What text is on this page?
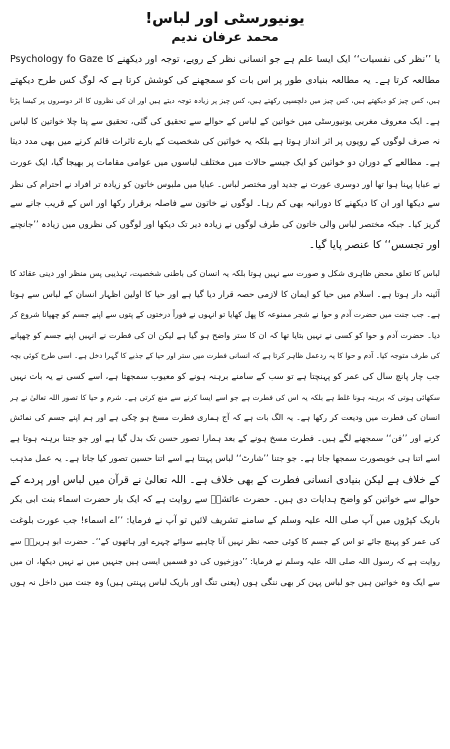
یونیورسٹی اور لباس!
محمد عرفان ندیم
Psychology fo Gaze یا ’’نظر کی نفسیات‘‘ ایک ایسا علم ہے جو انسانی نظر کے رویے، توجہ اور دیکھنے کا
مطالعہ کرتا ہے۔ یہ مطالعہ بنیادی طور پر اس بات کو سمجھنے کی کوشش کرتا ہے کہ لوگ کس طرح دیکھتے
ہیں، کس چیز کو دیکھتے ہیں، کس چیز میں دلچسپی رکھتے ہیں، کس چیز پر زیادہ توجہ دیتے ہیں اور ان کی نظروں کا اثر دوسروں پر کیسا پڑتا
ہے۔ ایک معروف مغربی یونیورسٹی میں خواتین کے لباس کے حوالے سے تحقیق کی گئی، تحقیق سے پتا چلا خواتین کا لباس
نہ صرف لوگوں کے رویوں پر اثر انداز ہوتا ہے بلکہ یہ خواتین کی شخصیت کے بارے تاثرات قائم کرنے میں بھی مدد دیتا
ہے۔ مطالعے کے دوران دو خواتین کو ایک جیسے حالات میں مختلف لباسوں میں عوامی مقامات پر بھیجا گیا، ایک عورت
نے عبایا پہنا ہوا تھا اور دوسری عورت نے جدید اور مختصر لباس۔ عبایا میں ملبوس خاتون کو زیادہ تر افراد نے احترام کی نظر
سے دیکھا اور ان کا دیکھنے کا دورانیہ بھی کم رہا۔ لوگوں نے خاتون سے فاصلہ برقرار رکھا اور اس کے قریب جانے سے
گریز کیا۔ جبکہ مختصر لباس والی خاتون کی طرف لوگوں نے زیادہ دیر تک دیکھا اور لوگوں کی نظروں میں زیادہ ’’جانچنے
اور تجسس‘‘ کا عنصر پایا گیا۔
لباس کا تعلق محض ظاہری شکل و صورت سے نہیں ہوتا بلکہ یہ انسان کی باطنی شخصیت، تہذیبی پس منظر اور دینی عقائد کا
آئینہ دار ہوتا ہے۔ اسلام میں حیا کو ایمان کا لازمی حصہ قرار دیا گیا ہے اور حیا کا اولین اظہار انسان کے لباس سے ہوتا
ہے۔ جب جنت میں حضرت آدم و حوا نے شجر ممنوعہ کا پھل کھایا تو انہوں نے فوراً درختوں کے پتوں سے اپنے جسم کو چھپانا شروع کر
دیا۔ حضرت آدم و حوا کو کسی نے نہیں بتایا تھا کہ ان کا ستر واضح ہو گیا ہے لیکن ان کی فطرت نے انہیں اپنے جسم کو چھپانے
کی طرف متوجہ کیا۔ آدم و حوا کا یہ ردعمل ظاہر کرتا ہے کہ انسانی فطرت میں ستر اور حیا کے جذبے کا گہرا دخل ہے۔ اسی طرح کوئی بچہ
جب چار پانچ سال کی عمر کو پہنچتا ہے تو سب کے سامنے برہنہ ہونے کو معیوب سمجھتا ہے، اسے کسی نے یہ بات نہیں
سکھائی ہوتی کہ برہنہ ہونا غلط ہے بلکہ یہ اس کی فطرت ہے جو اسے ایسا کرنے سے منع کرتی ہے۔ شرم و حیا کا تصور اللہ تعالیٰ نے ہر
انسان کی فطرت میں ودیعت کر رکھا ہے۔ یہ الگ بات ہے کہ آج ہماری فطرت مسخ ہو چکی ہے اور ہم اپنے جسم کی نمائش
کرنے اور ’’فن‘‘ سمجھنے لگے ہیں۔ فطرت مسخ ہونے کے بعد ہمارا تصور حسن تک بدل گیا ہے اور جو جتنا برہنہ ہوتا ہے
اسے اتنا ہی خوبصورت سمجھا جاتا ہے۔ جو جتنا ’’شارٹ‘‘ لباس پہنتا ہے اسے اتنا حسین تصور کیا جاتا ہے۔ یہ عمل مذہب
کے خلاف ہے لیکن بنیادی انسانی فطرت کے بھی خلاف ہے۔ اللہ تعالیٰ نے قرآن میں لباس اور پردے کے
حوالے سے خواتین کو واضح ہدایات دی ہیں۔ حضرت عائشہؓ سے روایت ہے کہ ایک بار حضرت اسماء بنت ابی بکر
باریک کپڑوں میں آپ صلی اللہ علیہ وسلم کے سامنے تشریف لائیں تو آپ نے فرمایا: ’’اے اسماء! جب عورت بلوغت
کی عمر کو پہنچ جائے تو اس کے جسم کا کوئی حصہ نظر نہیں آنا چاہیے سوائے چہرے اور ہاتھوں کے‘‘۔ حضرت ابو ہریرہؓ سے
روایت ہے کہ رسول اللہ صلی اللہ علیہ وسلم نے فرمایا: ’’دوزخیوں کی دو قسمیں ایسی ہیں جنہیں میں نے نہیں دیکھا، ان میں
سے ایک وہ خواتین ہیں جو لباس پہن کر بھی ننگی ہوں (یعنی تنگ اور باریک لباس پہنتی ہیں) وہ جنت میں داخل نہ ہوں
